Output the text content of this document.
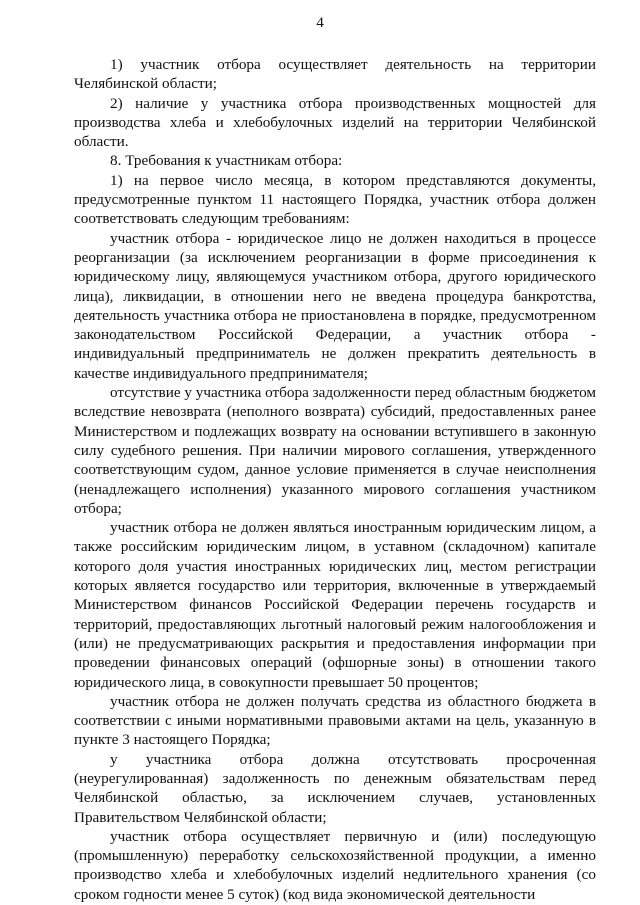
4

1) участник отбора осуществляет деятельность на территории Челябинской области;

2) наличие у участника отбора производственных мощностей для производства хлеба и хлебобулочных изделий на территории Челябинской области.

8. Требования к участникам отбора:

1) на первое число месяца, в котором представляются документы, предусмотренные пунктом 11 настоящего Порядка, участник отбора должен соответствовать следующим требованиям:

участник отбора - юридическое лицо не должен находиться в процессе реорганизации (за исключением реорганизации в форме присоединения к юридическому лицу, являющемуся участником отбора, другого юридического лица), ликвидации, в отношении него не введена процедура банкротства, деятельность участника отбора не приостановлена в порядке, предусмотренном законодательством Российской Федерации, а участник отбора - индивидуальный предприниматель не должен прекратить деятельность в качестве индивидуального предпринимателя;

отсутствие у участника отбора задолженности перед областным бюджетом вследствие невозврата (неполного возврата) субсидий, предоставленных ранее Министерством и подлежащих возврату на основании вступившего в законную силу судебного решения. При наличии мирового соглашения, утвержденного соответствующим судом, данное условие применяется в случае неисполнения (ненадлежащего исполнения) указанного мирового соглашения участником отбора;

участник отбора не должен являться иностранным юридическим лицом, а также российским юридическим лицом, в уставном (складочном) капитале которого доля участия иностранных юридических лиц, местом регистрации которых является государство или территория, включенные в утверждаемый Министерством финансов Российской Федерации перечень государств и территорий, предоставляющих льготный налоговый режим налогообложения и (или) не предусматривающих раскрытия и предоставления информации при проведении финансовых операций (офшорные зоны) в отношении такого юридического лица, в совокупности превышает 50 процентов;

участник отбора не должен получать средства из областного бюджета в соответствии с иными нормативными правовыми актами на цель, указанную в пункте 3 настоящего Порядка;

у участника отбора должна отсутствовать просроченная (неурегулированная) задолженность по денежным обязательствам перед Челябинской областью, за исключением случаев, установленных Правительством Челябинской области;

участник отбора осуществляет первичную и (или) последующую (промышленную) переработку сельскохозяйственной продукции, а именно производство хлеба и хлебобулочных изделий недлительного хранения (со сроком годности менее 5 суток) (код вида экономической деятельности
